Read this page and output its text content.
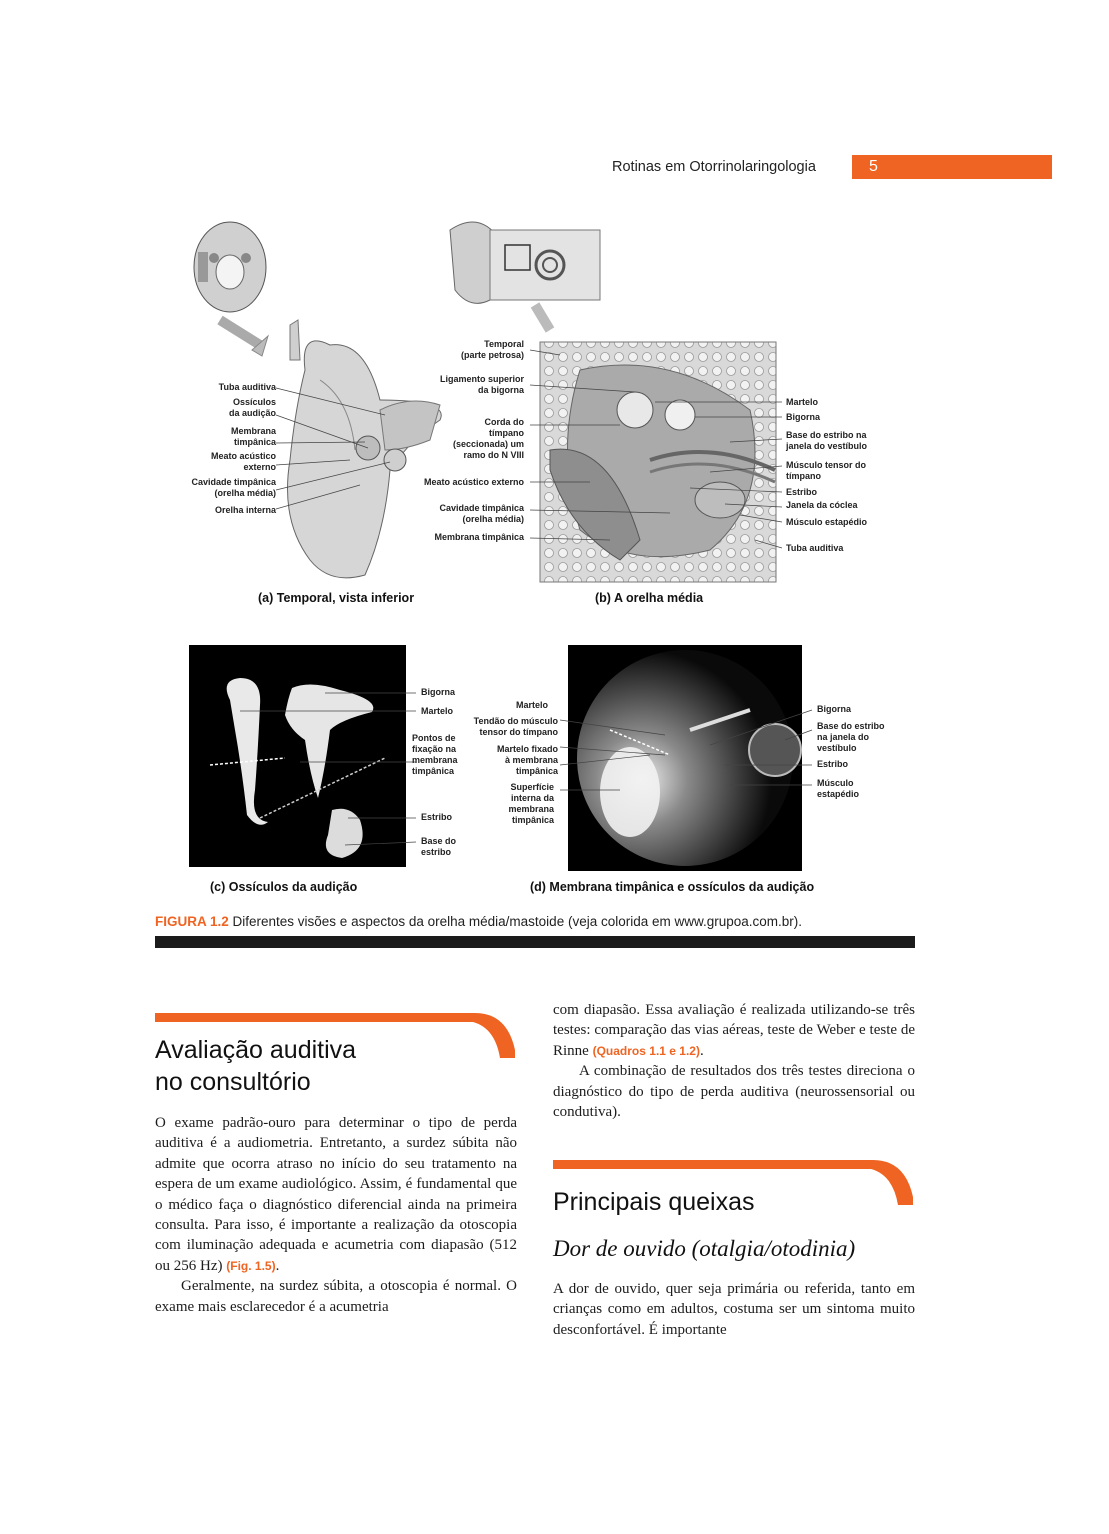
Rotinas em Otorrinolaringologia	5
Tuba auditiva
Ossículos
da audição
Membrana
timpânica
Meato acústico
externo
Cavidade timpânica
(orelha média)
Orelha interna
(a) Temporal, vista inferior
Temporal
(parte petrosa)
Ligamento superior
da bigorna
Corda do
tímpano
(seccionada) um
ramo do N VIII
Meato acústico externo
Cavidade timpânica
(orelha média)
Membrana timpânica
Martelo
Bigorna
Base do estribo na
janela do vestíbulo
Músculo tensor do
tímpano
Estribo
Janela da cóclea
Músculo estapédio
Tuba auditiva
(b) A orelha média
Bigorna
Martelo
Pontos de
fixação na
membrana
timpânica
Estribo
Base do
estribo
(c) Ossículos da audição
Martelo
Tendão do músculo
tensor do tímpano
Martelo fixado
à membrana
timpânica
Superfície
interna da
membrana
timpânica
Bigorna
Base do estribo
na janela do
vestíbulo
Estribo
Músculo
estapédio
(d) Membrana timpânica e ossículos da audição
FIGURA 1.2 Diferentes visões e aspectos da orelha média/mastoide (veja colorida em www.grupoa.com.br).
Avaliação auditiva
no consultório

O exame padrão-ouro para determinar o tipo de perda auditiva é a audiometria. Entretanto, a surdez súbita não admite que ocorra atraso no início do seu tratamento na espera de um exame audiológico. Assim, é fundamental que o médico faça o diagnóstico diferencial ainda na primeira consulta. Para isso, é importante a realização da otoscopia com iluminação adequada e acumetria com diapasão (512 ou 256 Hz) (Fig. 1.5).

Geralmente, na surdez súbita, a otoscopia é normal. O exame mais esclarecedor é a acumetria

com diapasão. Essa avaliação é realizada utilizando-se três testes: comparação das vias aéreas, teste de Weber e teste de Rinne (Quadros 1.1 e 1.2).

A combinação de resultados dos três testes direciona o diagnóstico do tipo de perda auditiva (neurossensorial ou condutiva).

Principais queixas
Dor de ouvido (otalgia/otodinia)

A dor de ouvido, quer seja primária ou referida, tanto em crianças como em adultos, costuma ser um sintoma muito desconfortável. É importante
